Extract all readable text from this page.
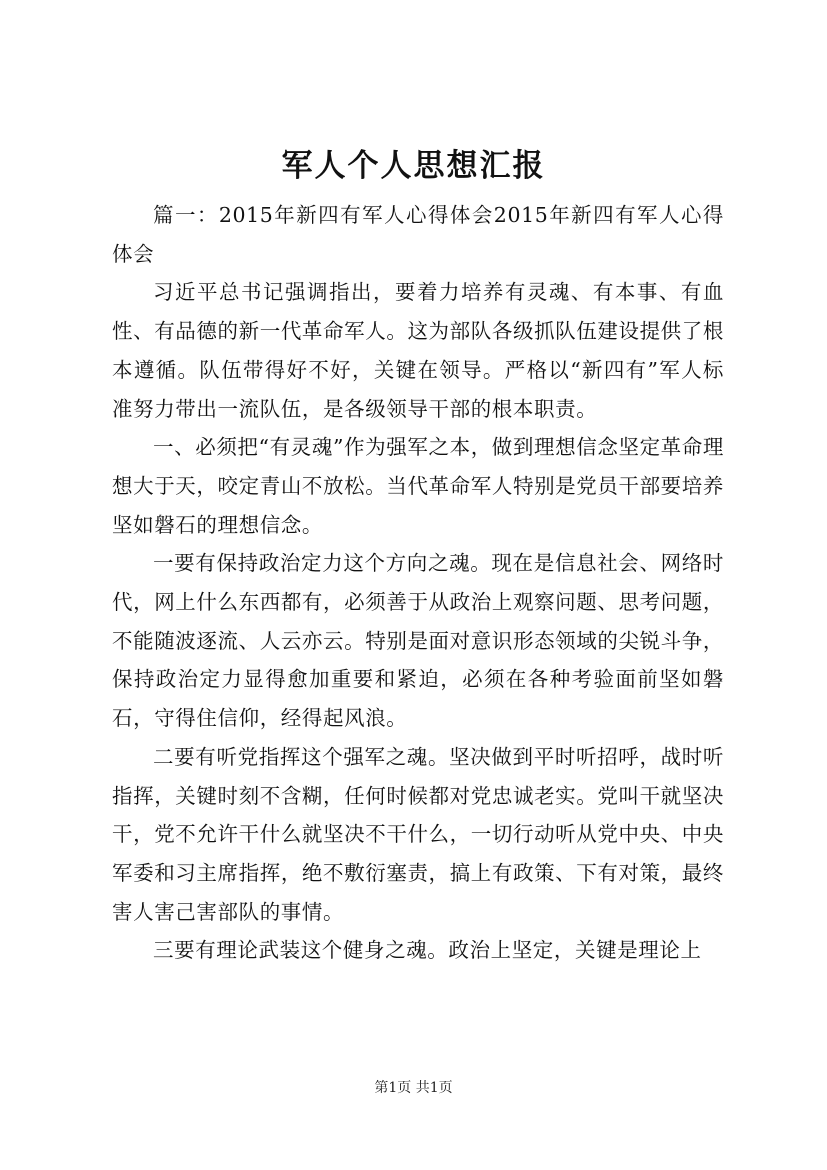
军人个人思想汇报

篇一：2015年新四有军人心得体会2015年新四有军人心得体会

习近平总书记强调指出，要着力培养有灵魂、有本事、有血性、有品德的新一代革命军人。这为部队各级抓队伍建设提供了根本遵循。队伍带得好不好，关键在领导。严格以“新四有”军人标准努力带出一流队伍，是各级领导干部的根本职责。

一、必须把“有灵魂”作为强军之本，做到理想信念坚定革命理想大于天，咬定青山不放松。当代革命军人特别是党员干部要培养坚如磐石的理想信念。

一要有保持政治定力这个方向之魂。现在是信息社会、网络时代，网上什么东西都有，必须善于从政治上观察问题、思考问题，不能随波逐流、人云亦云。特别是面对意识形态领域的尖锐斗争，保持政治定力显得愈加重要和紧迫，必须在各种考验面前坚如磐石，守得住信仰，经得起风浪。

二要有听党指挥这个强军之魂。坚决做到平时听招呼，战时听指挥，关键时刻不含糊，任何时候都对党忠诚老实。党叫干就坚决干，党不允许干什么就坚决不干什么，一切行动听从党中央、中央军委和习主席指挥，绝不敷衍塞责，搞上有政策、下有对策，最终害人害己害部队的事情。

三要有理论武装这个健身之魂。政治上坚定，关键是理论上

第1页 共1页
